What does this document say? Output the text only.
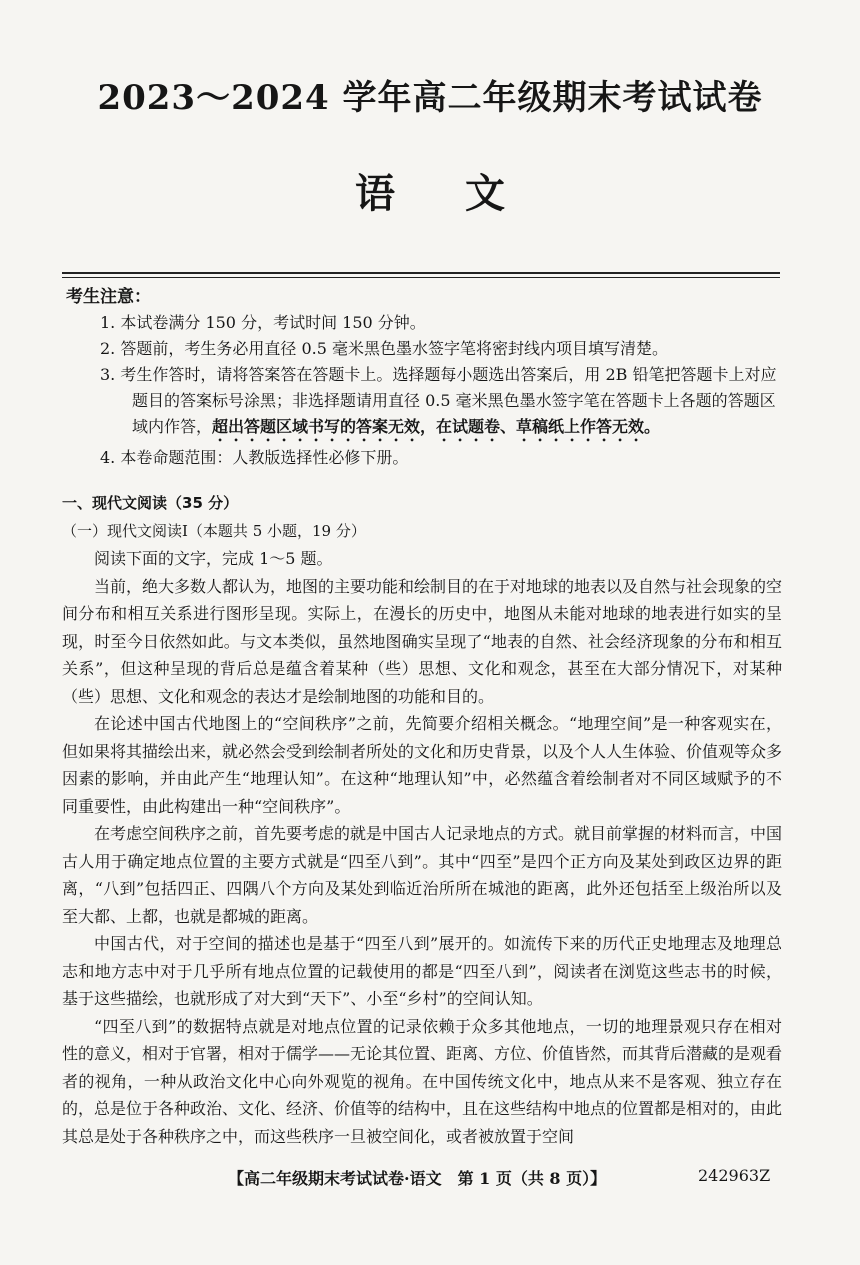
2023～2024 学年高二年级期末考试试卷
语文
考生注意：
1. 本试卷满分 150 分，考试时间 150 分钟。
2. 答题前，考生务必用直径 0.5 毫米黑色墨水签字笔将密封线内项目填写清楚。
3. 考生作答时，请将答案答在答题卡上。选择题每小题选出答案后，用 2B 铅笔把答题卡上对应题目的答案标号涂黑；非选择题请用直径 0.5 毫米黑色墨水签字笔在答题卡上各题的答题区域内作答，超出答题区域书写的答案无效，在试题卷、草稿纸上作答无效。
4. 本卷命题范围：人教版选择性必修下册。
一、现代文阅读（35 分）
（一）现代文阅读Ⅰ（本题共 5 小题，19 分）

阅读下面的文字，完成 1～5 题。

当前，绝大多数人都认为，地图的主要功能和绘制目的在于对地球的地表以及自然与社会现象的空间分布和相互关系进行图形呈现。实际上，在漫长的历史中，地图从未能对地球的地表进行如实的呈现，时至今日依然如此。与文本类似，虽然地图确实呈现了“地表的自然、社会经济现象的分布和相互关系”，但这种呈现的背后总是蕴含着某种（些）思想、文化和观念，甚至在大部分情况下，对某种（些）思想、文化和观念的表达才是绘制地图的功能和目的。

在论述中国古代地图上的“空间秩序”之前，先简要介绍相关概念。“地理空间”是一种客观实在，但如果将其描绘出来，就必然会受到绘制者所处的文化和历史背景，以及个人人生体验、价值观等众多因素的影响，并由此产生“地理认知”。在这种“地理认知”中，必然蕴含着绘制者对不同区域赋予的不同重要性，由此构建出一种“空间秩序”。

在考虑空间秩序之前，首先要考虑的就是中国古人记录地点的方式。就目前掌握的材料而言，中国古人用于确定地点位置的主要方式就是“四至八到”。其中“四至”是四个正方向及某处到政区边界的距离，“八到”包括四正、四隅八个方向及某处到临近治所所在城池的距离，此外还包括至上级治所以及至大都、上都，也就是都城的距离。

中国古代，对于空间的描述也是基于“四至八到”展开的。如流传下来的历代正史地理志及地理总志和地方志中对于几乎所有地点位置的记载使用的都是“四至八到”，阅读者在浏览这些志书的时候，基于这些描绘，也就形成了对大到“天下”、小至“乡村”的空间认知。

“四至八到”的数据特点就是对地点位置的记录依赖于众多其他地点，一切的地理景观只存在相对性的意义，相对于官署，相对于儒学——无论其位置、距离、方位、价值皆然，而其背后潜藏的是观看者的视角，一种从政治文化中心向外观览的视角。在中国传统文化中，地点从来不是客观、独立存在的，总是位于各种政治、文化、经济、价值等的结构中，且在这些结构中地点的位置都是相对的，由此其总是处于各种秩序之中，而这些秩序一旦被空间化，或者被放置于空间

【高二年级期末考试试卷·语文　第 1 页（共 8 页）】	242963Z
